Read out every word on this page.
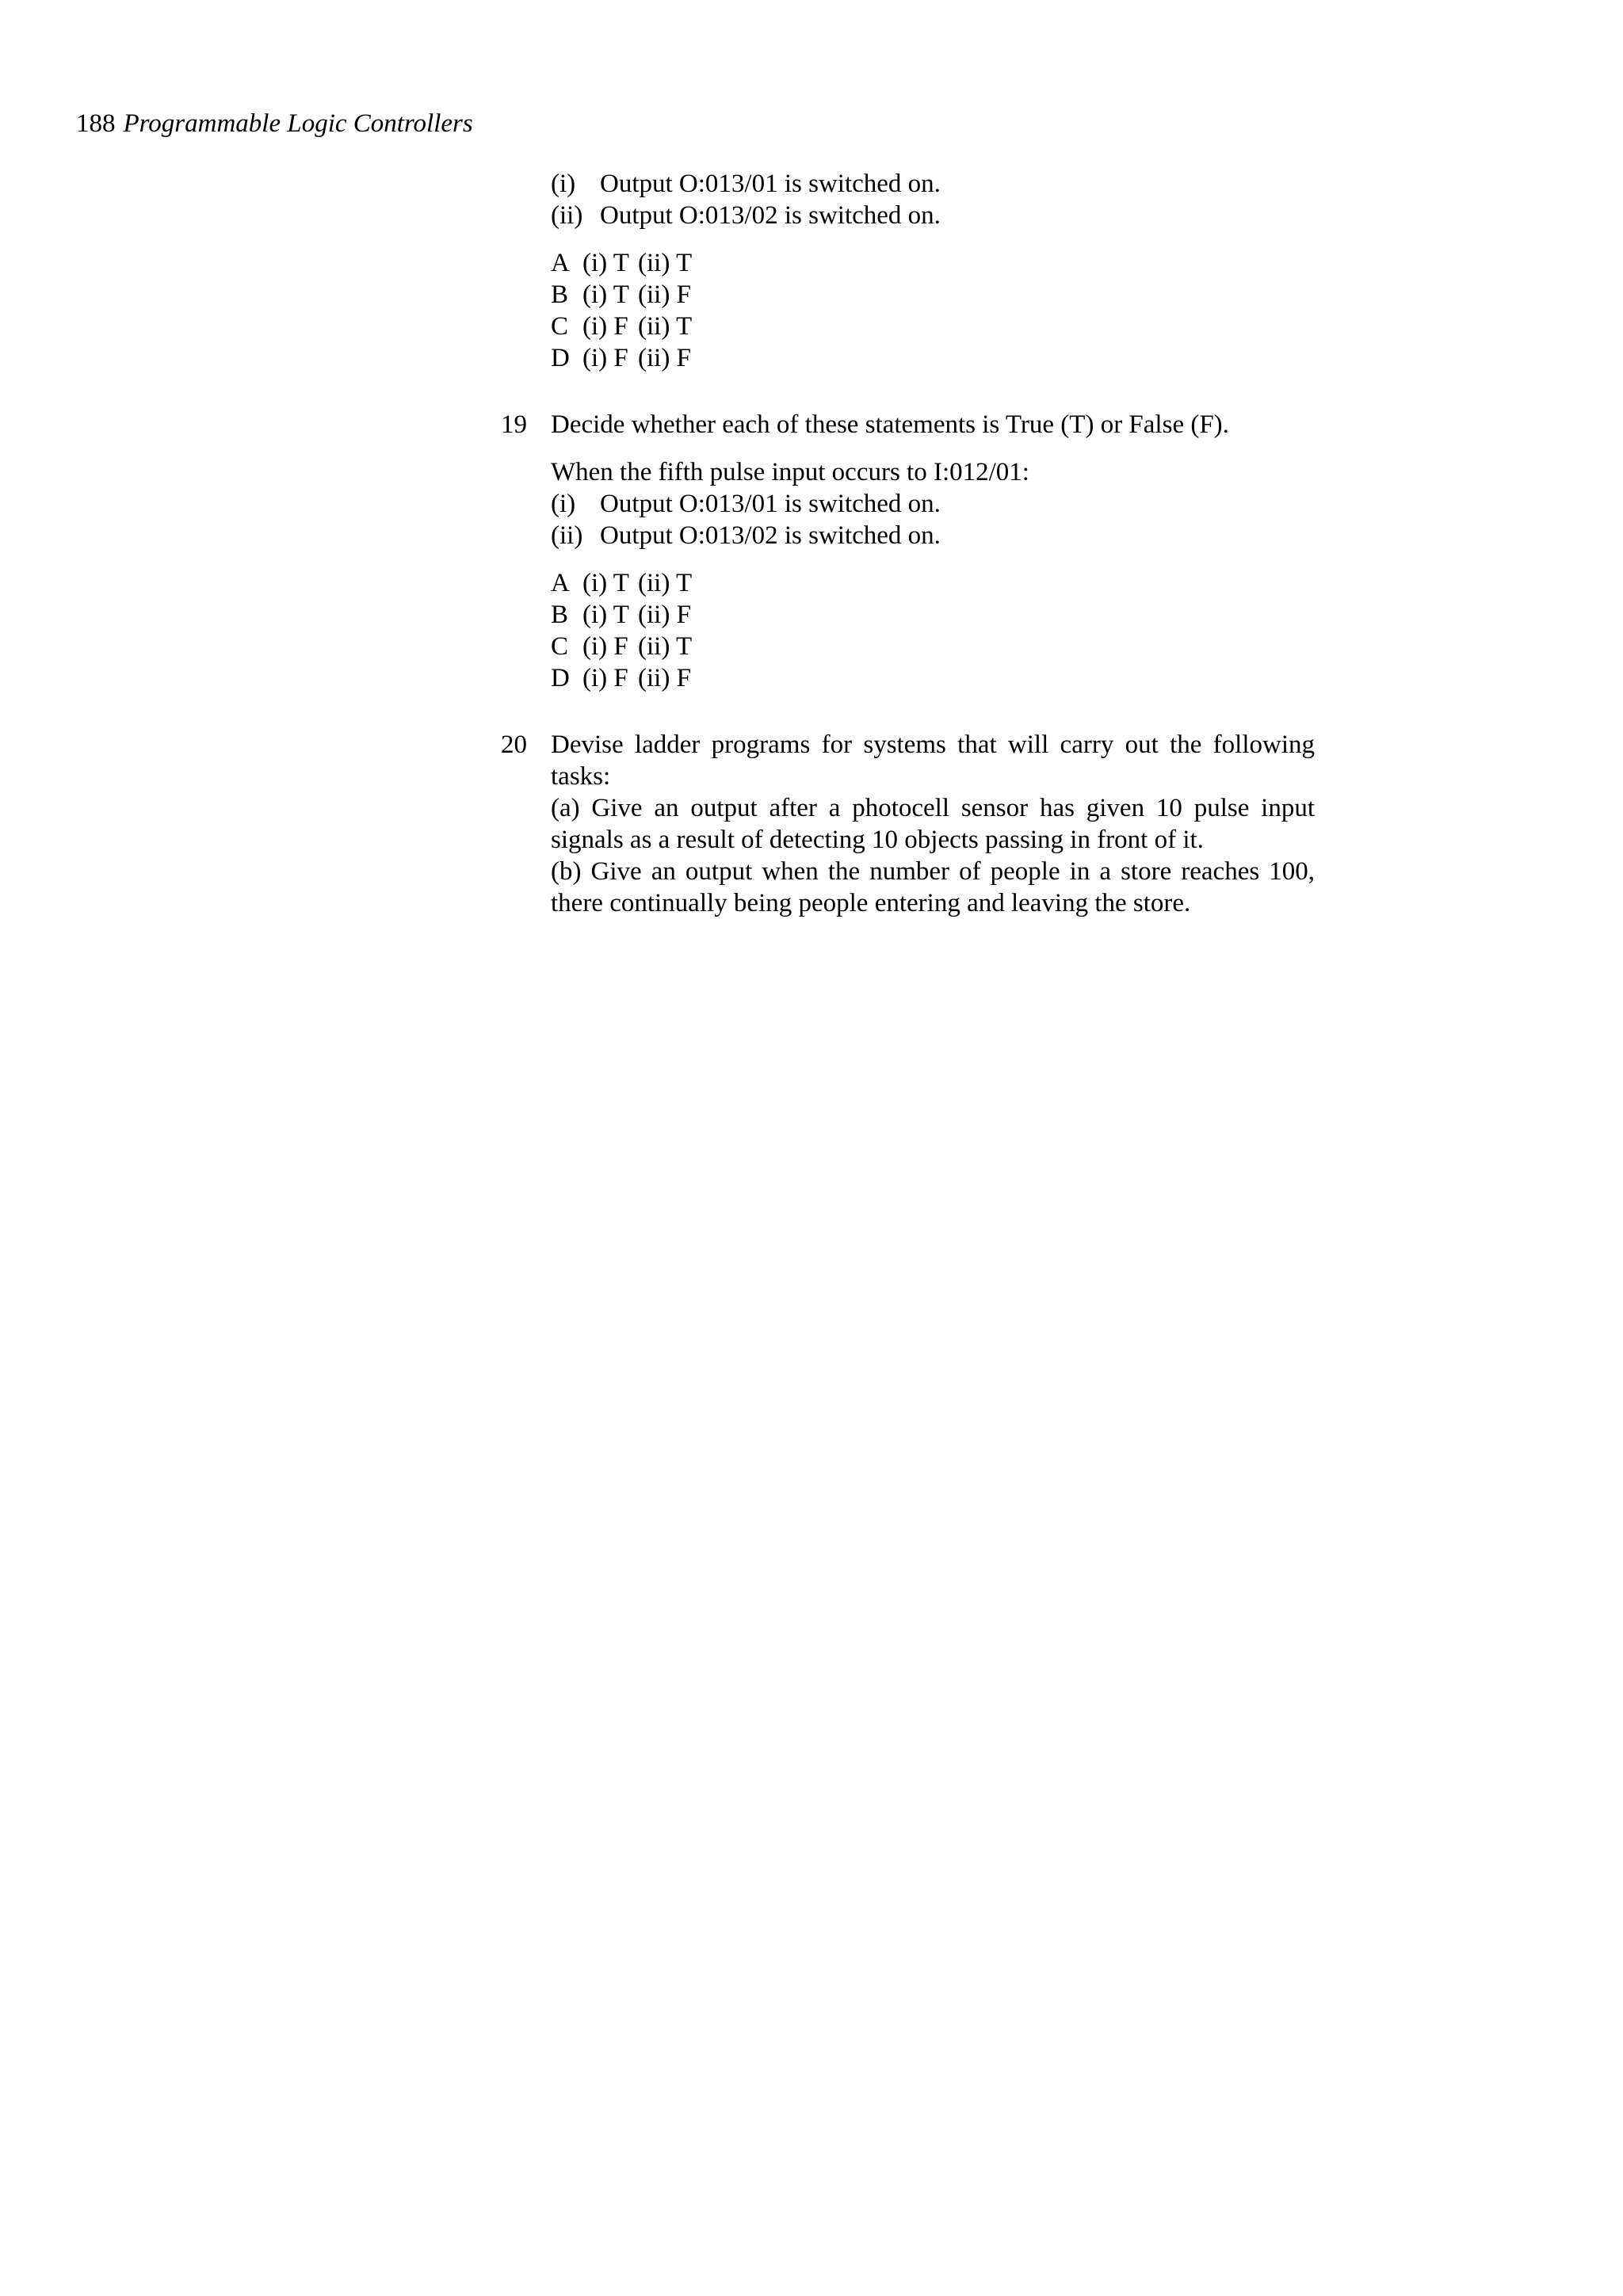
188 Programmable Logic Controllers
(i) Output O:013/01 is switched on.
(ii) Output O:013/02 is switched on.
A (i) T (ii) T
B (i) T (ii) F
C (i) F (ii) T
D (i) F (ii) F
19 Decide whether each of these statements is True (T) or False (F).
When the fifth pulse input occurs to I:012/01:
(i) Output O:013/01 is switched on.
(ii) Output O:013/02 is switched on.
A (i) T (ii) T
B (i) T (ii) F
C (i) F (ii) T
D (i) F (ii) F
20 Devise ladder programs for systems that will carry out the following
tasks:
(a) Give an output after a photocell sensor has given 10 pulse input
signals as a result of detecting 10 objects passing in front of it.
(b) Give an output when the number of people in a store reaches 100,
there continually being people entering and leaving the store.
